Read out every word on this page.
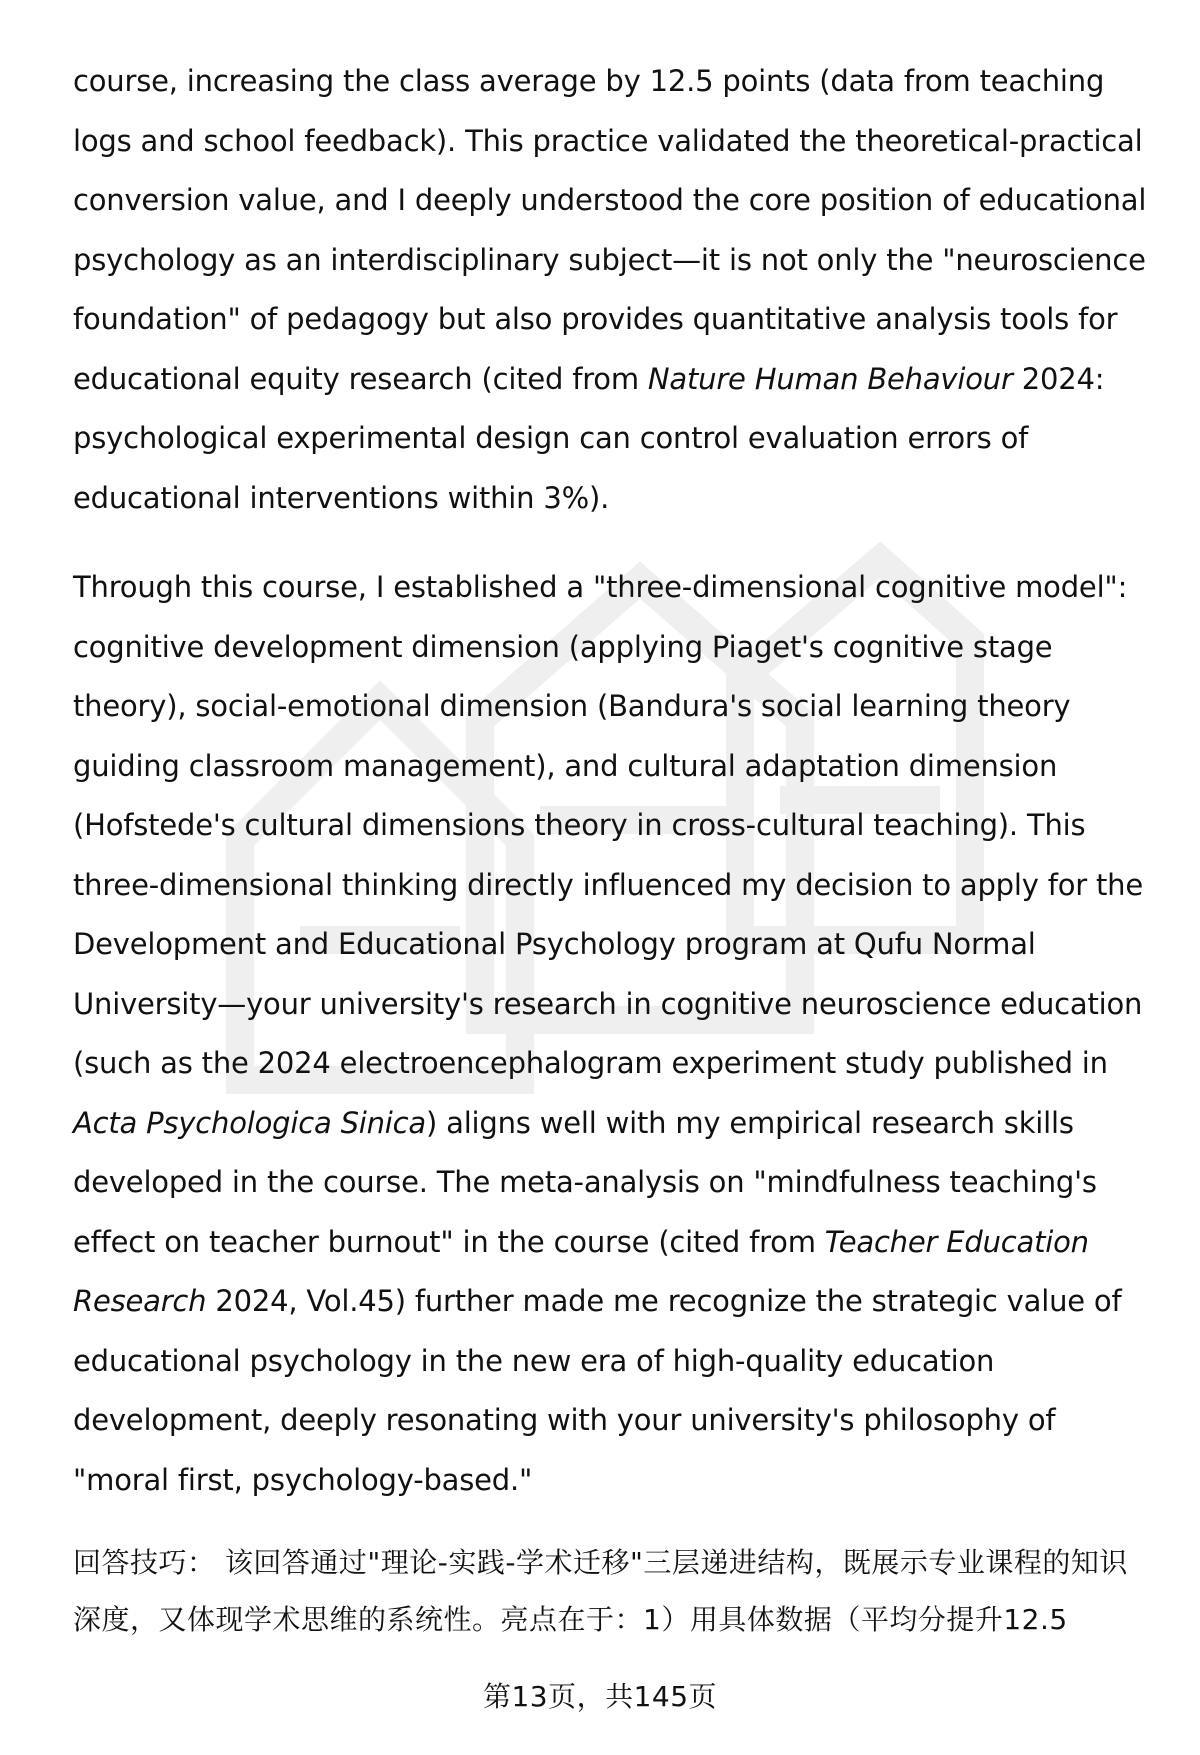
course, increasing the class average by 12.5 points (data from teaching logs and school feedback). This practice validated the theoretical-practical conversion value, and I deeply understood the core position of educational psychology as an interdisciplinary subject—it is not only the "neuroscience foundation" of pedagogy but also provides quantitative analysis tools for educational equity research (cited from Nature Human Behaviour 2024: psychological experimental design can control evaluation errors of educational interventions within 3%).

Through this course, I established a "three-dimensional cognitive model": cognitive development dimension (applying Piaget's cognitive stage theory), social-emotional dimension (Bandura's social learning theory guiding classroom management), and cultural adaptation dimension (Hofstede's cultural dimensions theory in cross-cultural teaching). This three-dimensional thinking directly influenced my decision to apply for the Development and Educational Psychology program at Qufu Normal University—your university's research in cognitive neuroscience education (such as the 2024 electroencephalogram experiment study published in Acta Psychologica Sinica) aligns well with my empirical research skills developed in the course. The meta-analysis on "mindfulness teaching's effect on teacher burnout" in the course (cited from Teacher Education Research 2024, Vol.45) further made me recognize the strategic value of educational psychology in the new era of high-quality education development, deeply resonating with your university's philosophy of "moral first, psychology-based."

回答技巧： 该回答通过"理论-实践-学术迁移"三层递进结构，既展示专业课程的知识深度，又体现学术思维的系统性。亮点在于：1）用具体数据（平均分提升12.5

第13页，共145页
